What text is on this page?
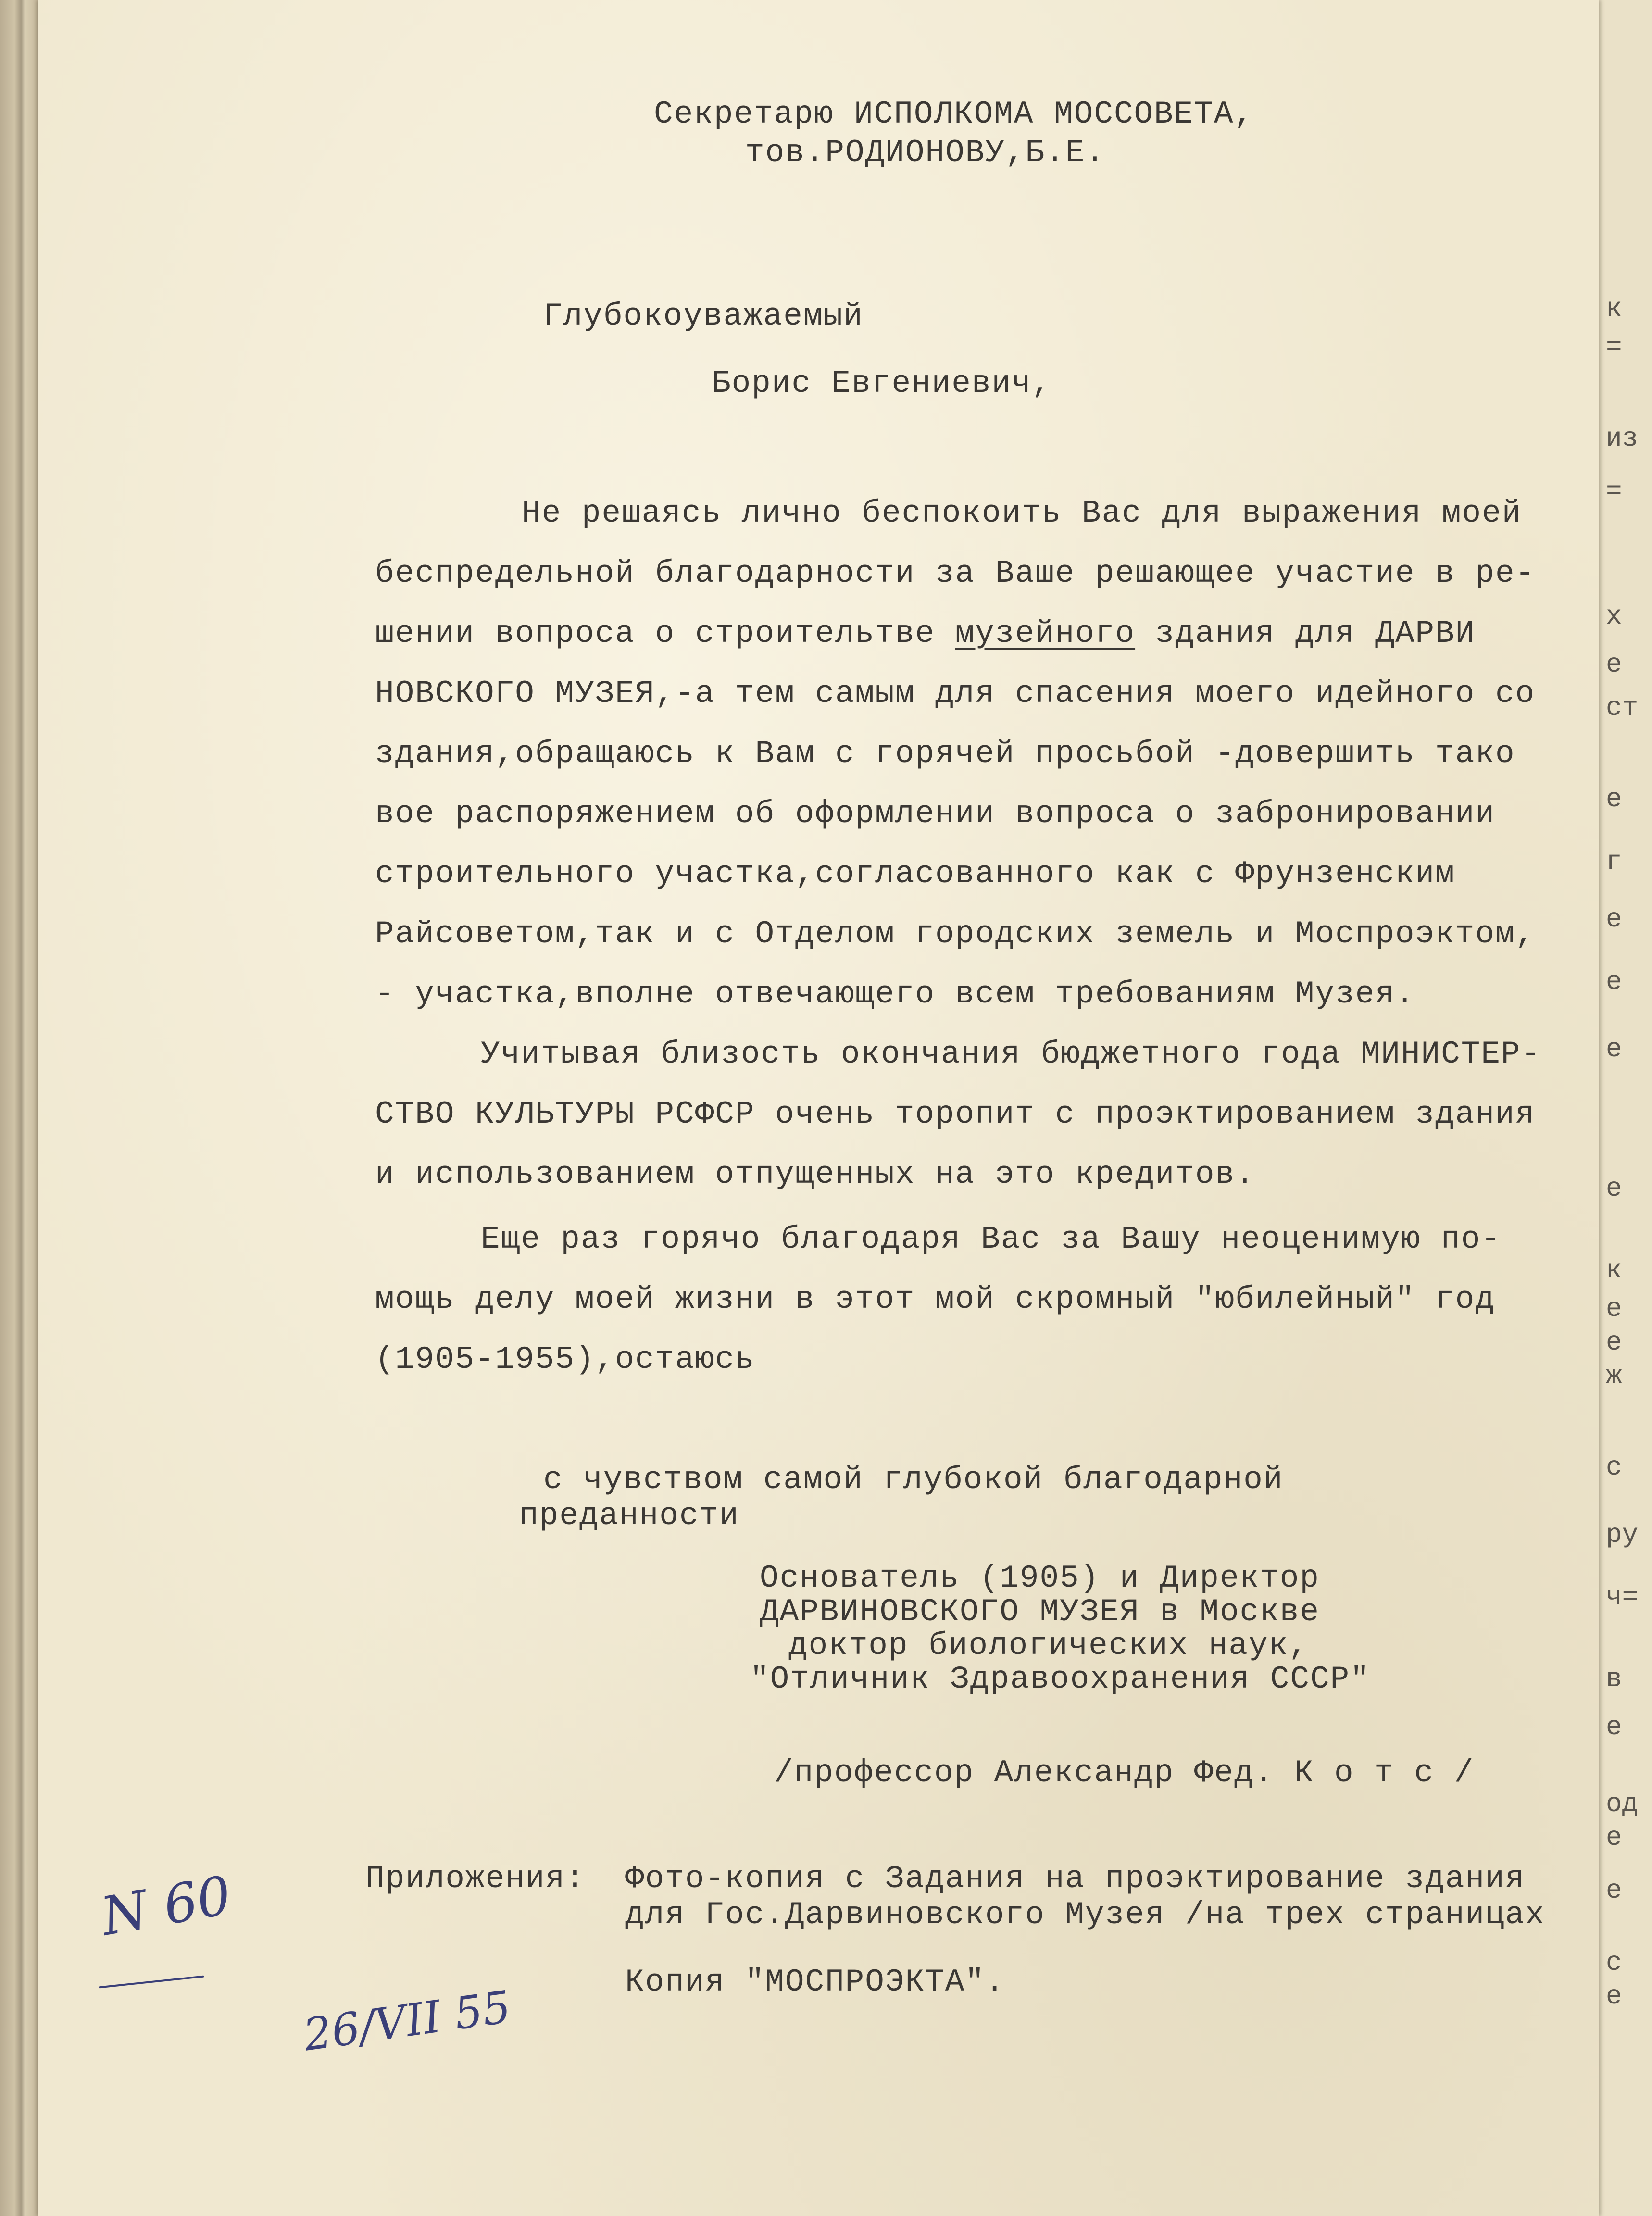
к
=
из
=
х
е
ст
е
г
е
е
е
е
к
е
е
ж
с
ру
ч=
в
е
од
е
е
с
е
Секретарю ИСПОЛКОМА МОССОВЕТА,
тов.РОДИОНОВУ,Б.Е.
Глубокоуважаемый
Борис Евгениевич,
Не решаясь лично беспокоить Вас для выражения моей
беспредельной благодарности за Ваше решающее участие в ре-
шении вопроса о строительтве музейного здания для ДАРВИ
НОВСКОГО МУЗЕЯ,-а тем самым для спасения моего идейного со
здания,обращаюсь к Вам с горячей просьбой -довершить тако
вое распоряжением об оформлении вопроса о забронировании
строительного участка,согласованного как с Фрунзенским
Райсоветом,так и с Отделом городских земель и Моспроэктом,
- участка,вполне отвечающего всем требованиям Музея.
Учитывая близость окончания бюджетного года МИНИСТЕР-
СТВО КУЛЬТУРЫ РСФСР очень торопит с проэктированием здания
и использованием отпущенных на это кредитов.
Еще раз горячо благодаря Вас за Вашу неоценимую по-
мощь делу моей жизни в этот мой скромный "юбилейный" год
(1905-1955),остаюсь
с чувством самой глубокой благодарной
преданности
Основатель (1905) и Директор
ДАРВИНОВСКОГО МУЗЕЯ в Москве
доктор биологических наук,
"Отличник Здравоохранения СССР"
/профессор Александр Фед. К о т с /
Приложения: Фото-копия с Задания на проэктирование здания
для Гос.Дарвиновского Музея /на трех страницах
Копия "МОСПРОЭКТА".
N 60
26/VII 55
